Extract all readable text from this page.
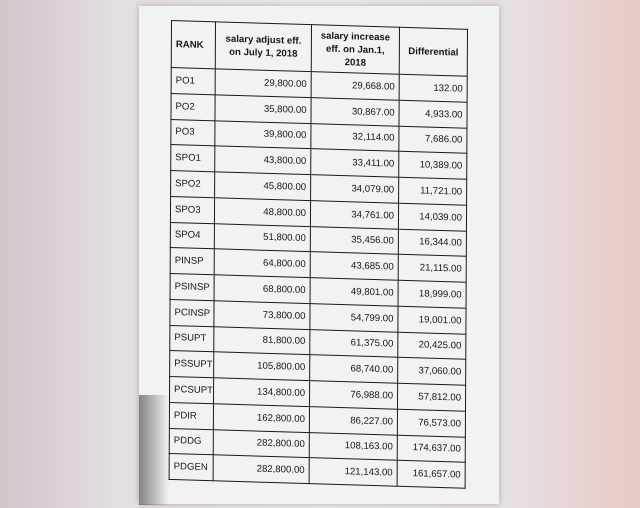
RANK	salary adjust eff. on July 1, 2018	salary increase eff. on Jan.1, 2018	Differential
PO1	29,800.00	29,668.00	132.00
PO2	35,800.00	30,867.00	4,933.00
PO3	39,800.00	32,114.00	7,686.00
SPO1	43,800.00	33,411.00	10,389.00
SPO2	45,800.00	34,079.00	11,721.00
SPO3	48,800.00	34,761.00	14,039.00
SPO4	51,800.00	35,456.00	16,344.00
PINSP	64,800.00	43,685.00	21,115.00
PSINSP	68,800.00	49,801.00	18,999.00
PCINSP	73,800.00	54,799.00	19,001.00
PSUPT	81,800.00	61,375.00	20,425.00
PSSUPT	105,800.00	68,740.00	37,060.00
PCSUPT	134,800.00	76,988.00	57,812.00
PDIR	162,800.00	86,227.00	76,573.00
PDDG	282,800.00	108,163.00	174,637.00
PDGEN	282,800.00	121,143.00	161,657.00
